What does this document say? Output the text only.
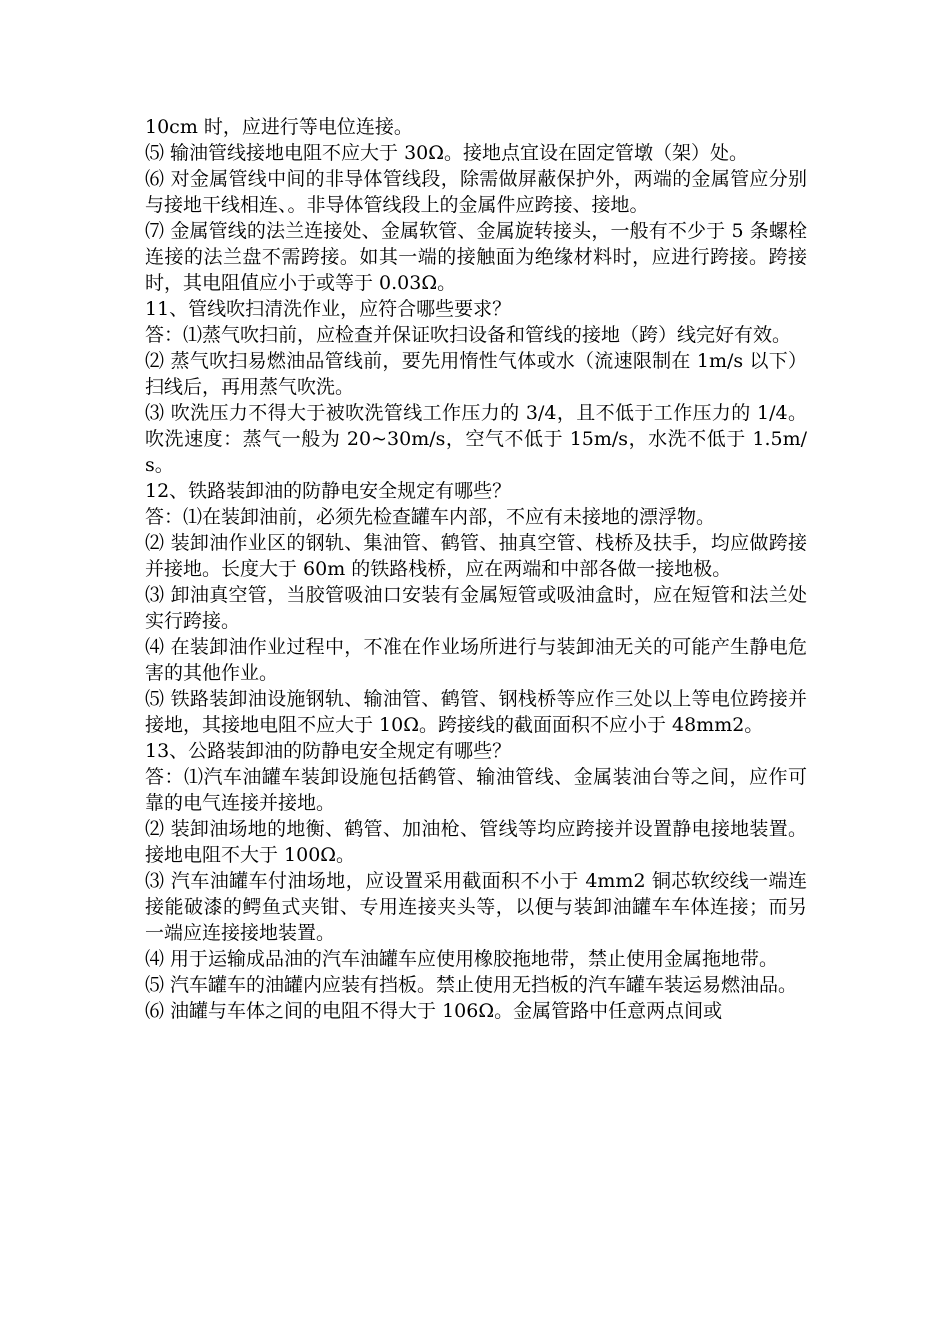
10cm 时，应进行等电位连接。

⑸ 输油管线接地电阻不应大于 30Ω。接地点宜设在固定管墩（架）处。

⑹ 对金属管线中间的非导体管线段，除需做屏蔽保护外，两端的金属管应分别与接地干线相连、。非导体管线段上的金属件应跨接、接地。

⑺ 金属管线的法兰连接处、金属软管、金属旋转接头，一般有不少于 5 条螺栓连接的法兰盘不需跨接。如其一端的接触面为绝缘材料时，应进行跨接。跨接时，其电阻值应小于或等于 0.03Ω。

11、管线吹扫清洗作业，应符合哪些要求？

答：⑴蒸气吹扫前，应检查并保证吹扫设备和管线的接地（跨）线完好有效。

⑵ 蒸气吹扫易燃油品管线前，要先用惰性气体或水（流速限制在 1m/s 以下）扫线后，再用蒸气吹洗。

⑶ 吹洗压力不得大于被吹洗管线工作压力的 3/4，且不低于工作压力的 1/4。吹洗速度：蒸气一般为 20~30m/s，空气不低于 15m/s，水洗不低于 1.5m/s。

12、铁路装卸油的防静电安全规定有哪些？

答：⑴在装卸油前，必须先检查罐车内部，不应有未接地的漂浮物。

⑵ 装卸油作业区的钢轨、集油管、鹤管、抽真空管、栈桥及扶手，均应做跨接并接地。长度大于 60m 的铁路栈桥，应在两端和中部各做一接地极。

⑶ 卸油真空管，当胶管吸油口安装有金属短管或吸油盒时，应在短管和法兰处实行跨接。

⑷ 在装卸油作业过程中，不准在作业场所进行与装卸油无关的可能产生静电危害的其他作业。

⑸ 铁路装卸油设施钢轨、输油管、鹤管、钢栈桥等应作三处以上等电位跨接并接地，其接地电阻不应大于 10Ω。跨接线的截面面积不应小于 48mm2。

13、公路装卸油的防静电安全规定有哪些？

答：⑴汽车油罐车装卸设施包括鹤管、输油管线、金属装油台等之间，应作可靠的电气连接并接地。

⑵ 装卸油场地的地衡、鹤管、加油枪、管线等均应跨接并设置静电接地装置。接地电阻不大于 100Ω。

⑶ 汽车油罐车付油场地，应设置采用截面积不小于 4mm2 铜芯软绞线一端连接能破漆的鳄鱼式夹钳、专用连接夹头等，以便与装卸油罐车车体连接；而另一端应连接接地装置。

⑷ 用于运输成品油的汽车油罐车应使用橡胶拖地带，禁止使用金属拖地带。

⑸ 汽车罐车的油罐内应装有挡板。禁止使用无挡板的汽车罐车装运易燃油品。

⑹ 油罐与车体之间的电阻不得大于 106Ω。金属管路中任意两点间或
